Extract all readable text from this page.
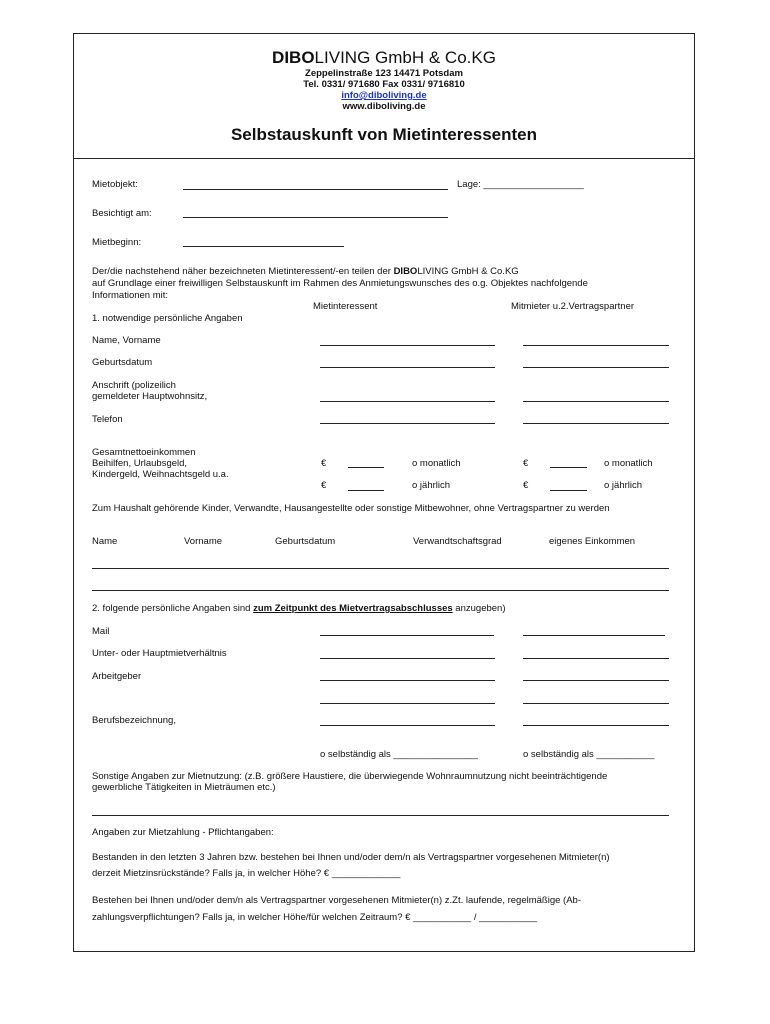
DIBOLIVING GmbH & Co.KG
Zeppelinstraße 123 14471 Potsdam
Tel. 0331/ 971680 Fax 0331/ 9716810
info@diboliving.de
www.diboliving.de
Selbstauskunft von Mietinteressenten
Mietobjekt:	Lage: ___________________
Besichtigt am:
Mietbeginn:
Der/die nachstehend näher bezeichneten Mietinteressent/-en teilen der DIBOLIVING GmbH & Co.KG
auf Grundlage einer freiwilligen Selbstauskunft im Rahmen des Anmietungswunsches des o.g. Objektes nachfolgende
Informationen mit:
Mietinteressent	Mitmieter u.2.Vertragspartner
1. notwendige persönliche Angaben
Name, Vorname
Geburtsdatum
Anschrift (polizeilich
gemeldeter Hauptwohnsitz,
Telefon
Gesamtnettoeinkommen
Beihilfen, Urlaubsgeld,
Kindergeld, Weihnachtsgeld u.a.
€	o monatlich	€	o monatlich
€	o jährlich	€	o jährlich
Zum Haushalt gehörende Kinder, Verwandte, Hausangestellte oder sonstige Mitbewohner, ohne Vertragspartner zu werden
Name	Vorname	Geburtsdatum	Verwandtschaftsgrad	eigenes Einkommen
2. folgende persönliche Angaben sind zum Zeitpunkt des Mietvertragsabschlusses anzugeben)
Mail
Unter- oder Hauptmietverhältnis
Arbeitgeber
Berufsbezeichnung,
o selbständig als ________________	o selbständig als ___________
Sonstige Angaben zur Mietnutzung: (z.B. größere Haustiere, die überwiegende Wohnraumnutzung nicht beeinträchtigende
gewerbliche Tätigkeiten in Mieträumen etc.)
Angaben zur Mietzahlung - Pflichtangaben:
Bestanden in den letzten 3 Jahren bzw. bestehen bei Ihnen und/oder dem/n als Vertragspartner vorgesehenen Mitmieter(n)
derzeit Mietzinsrückstände? Falls ja, in welcher Höhe? € _____________
Bestehen bei Ihnen und/oder dem/n als Vertragspartner vorgesehenen Mitmieter(n) z.Zt. laufende, regelmäßige (Ab-
zahlungsverpflichtungen? Falls ja, in welcher Höhe/für welchen Zeitraum? € ___________ / ___________
